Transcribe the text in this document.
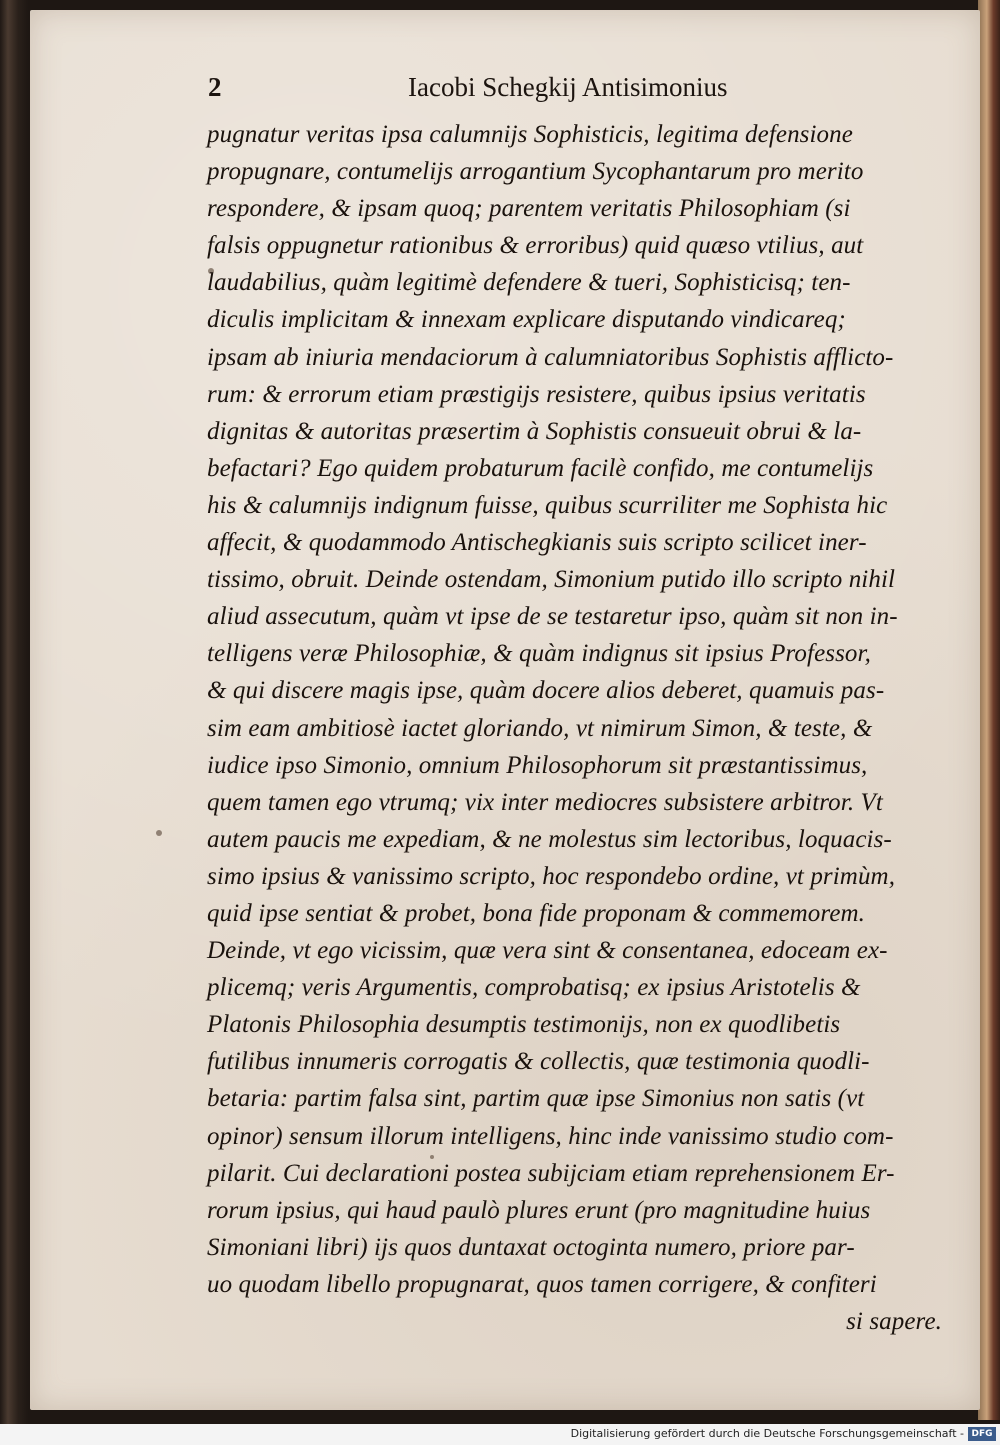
2	Iacobi Schegkij Antisimonius
pugnatur veritas ipsa calumnijs Sophisticis, legitima defensione
propugnare, contumelijs arrogantium Sycophantarum pro merito
respondere, & ipsam quoq; parentem veritatis Philosophiam (si
falsis oppugnetur rationibus & erroribus) quid quæso vtilius, aut
laudabilius, quàm legitimè defendere & tueri, Sophisticisq; ten-
diculis implicitam & innexam explicare disputando vindicareq;
ipsam ab iniuria mendaciorum à calumniatoribus Sophistis afflicto-
rum: & errorum etiam præstigijs resistere, quibus ipsius veritatis
dignitas & autoritas præsertim à Sophistis consueuit obrui & la-
befactari? Ego quidem probaturum facilè confido, me contumelijs
his & calumnijs indignum fuisse, quibus scurriliter me Sophista hic
affecit, & quodammodo Antischegkianis suis scripto scilicet iner-
tissimo, obruit. Deinde ostendam, Simonium putido illo scripto nihil
aliud assecutum, quàm vt ipse de se testaretur ipso, quàm sit non in-
telligens veræ Philosophiæ, & quàm indignus sit ipsius Professor,
& qui discere magis ipse, quàm docere alios deberet, quamuis pas-
sim eam ambitiosè iactet gloriando, vt nimirum Simon, & teste, &
iudice ipso Simonio, omnium Philosophorum sit præstantissimus,
quem tamen ego vtrumq; vix inter mediocres subsistere arbitror. Vt
autem paucis me expediam, & ne molestus sim lectoribus, loquacis-
simo ipsius & vanissimo scripto, hoc respondebo ordine, vt primùm,
quid ipse sentiat & probet, bona fide proponam & commemorem.
Deinde, vt ego vicissim, quæ vera sint & consentanea, edoceam ex-
plicemq; veris Argumentis, comprobatisq; ex ipsius Aristotelis &
Platonis Philosophia desumptis testimonijs, non ex quodlibetis
futilibus innumeris corrogatis & collectis, quæ testimonia quodli-
betaria: partim falsa sint, partim quæ ipse Simonius non satis (vt
opinor) sensum illorum intelligens, hinc inde vanissimo studio com-
pilarit. Cui declarationi postea subijciam etiam reprehensionem Er-
rorum ipsius, qui haud paulò plures erunt (pro magnitudine huius
Simoniani libri) ijs quos duntaxat octoginta numero, priore par-
uo quodam libello propugnarat, quos tamen corrigere, & confiteri
si sapere.
Digitalisierung gefördert durch die Deutsche Forschungsgemeinschaft - DFG
